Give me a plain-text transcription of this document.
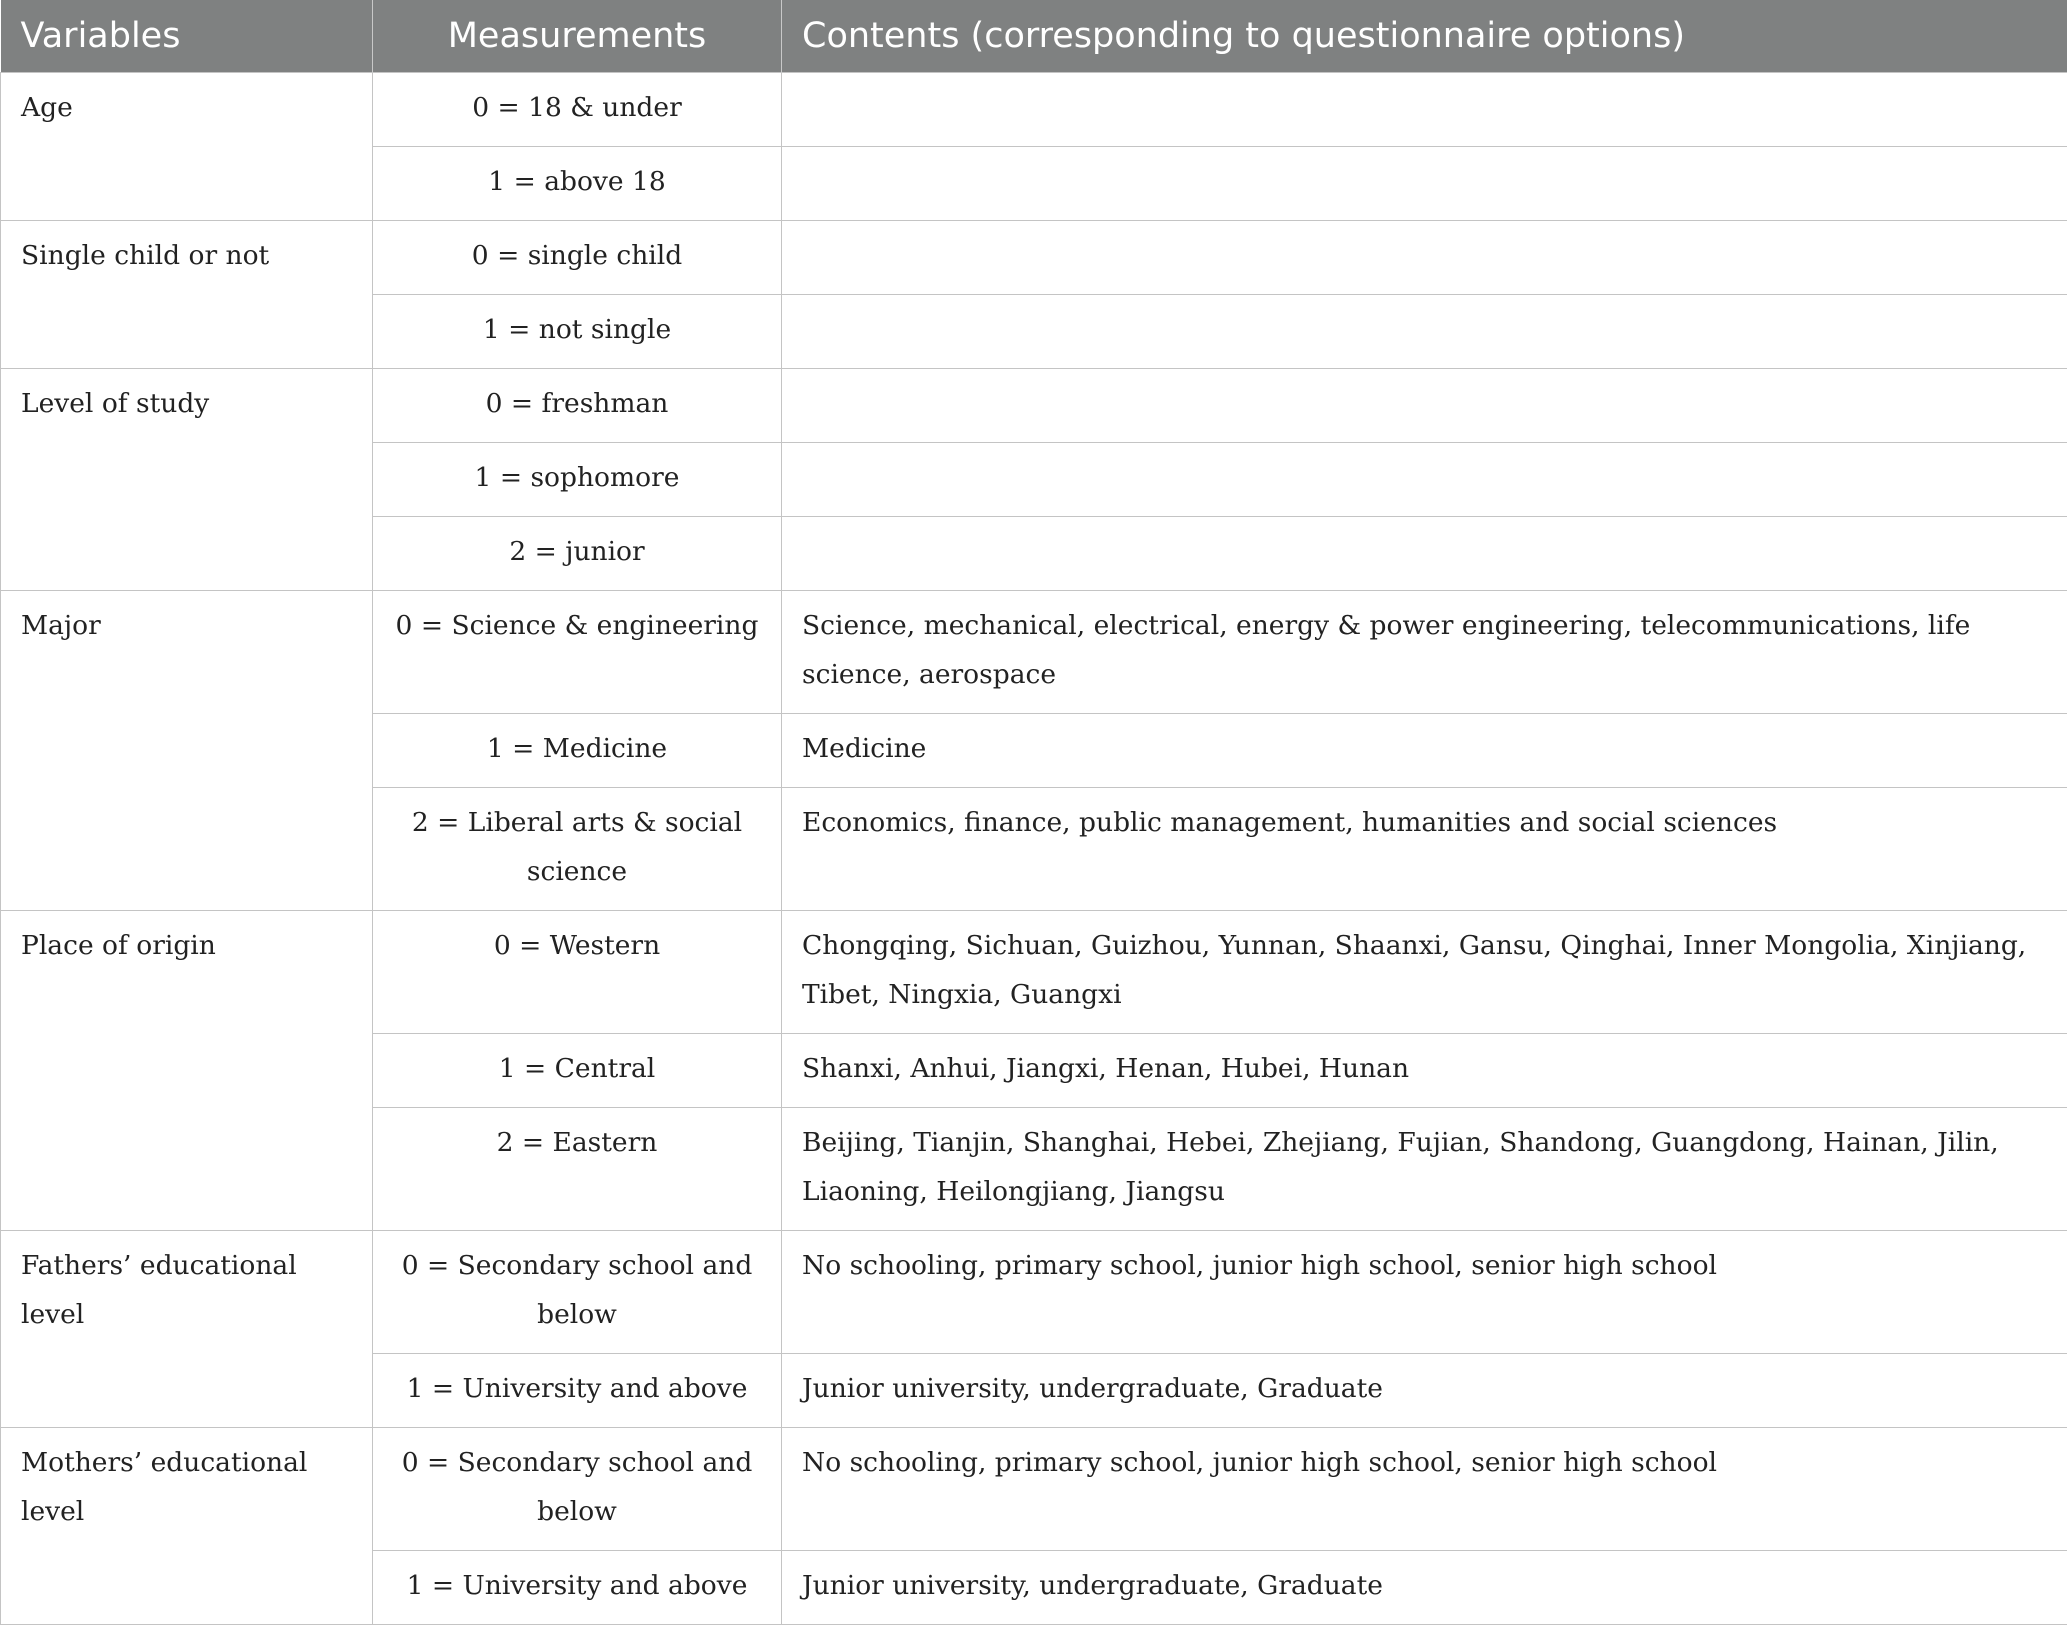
Variables	Measurements	Contents (corresponding to questionnaire options)
Age	0 = 18 & under	
	1 = above 18	
Single child or not	0 = single child	
	1 = not single	
Level of study	0 = freshman	
	1 = sophomore	
	2 = junior	
Major	0 = Science & engineering	Science, mechanical, electrical, energy & power engineering, telecommunications, life science, aerospace
	1 = Medicine	Medicine
	2 = Liberal arts & social science	Economics, finance, public management, humanities and social sciences
Place of origin	0 = Western	Chongqing, Sichuan, Guizhou, Yunnan, Shaanxi, Gansu, Qinghai, Inner Mongolia, Xinjiang, Tibet, Ningxia, Guangxi
	1 = Central	Shanxi, Anhui, Jiangxi, Henan, Hubei, Hunan
	2 = Eastern	Beijing, Tianjin, Shanghai, Hebei, Zhejiang, Fujian, Shandong, Guangdong, Hainan, Jilin, Liaoning, Heilongjiang, Jiangsu
Fathers’ educational level	0 = Secondary school and below	No schooling, primary school, junior high school, senior high school
	1 = University and above	Junior university, undergraduate, Graduate
Mothers’ educational level	0 = Secondary school and below	No schooling, primary school, junior high school, senior high school
	1 = University and above	Junior university, undergraduate, Graduate
